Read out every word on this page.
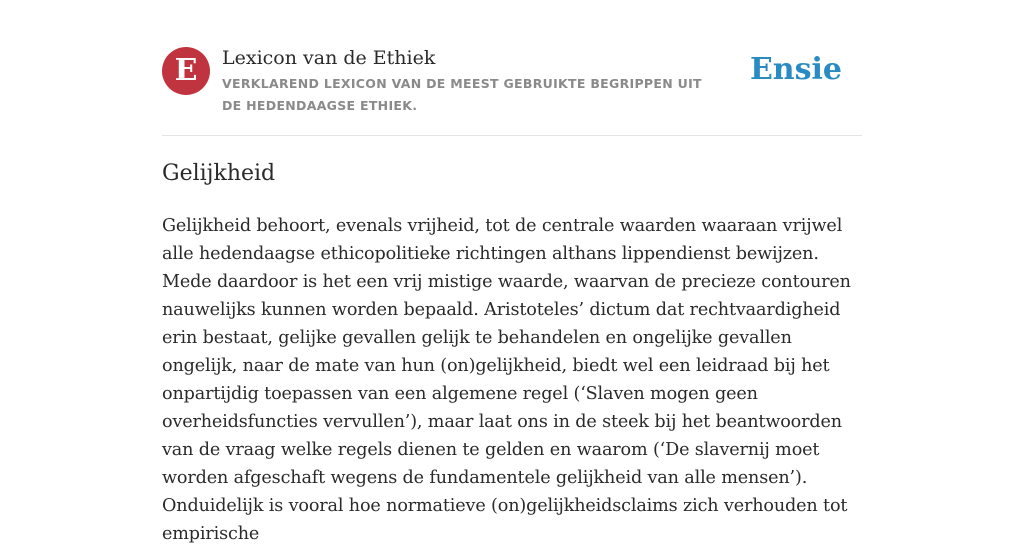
E	Lexicon van de Ethiek
VERKLAREND LEXICON VAN DE MEEST GEBRUIKTE BEGRIPPEN UIT DE HEDENDAAGSE ETHIEK.
Ensie
Gelijkheid

Gelijkheid behoort, evenals vrijheid, tot de centrale waarden waaraan vrijwel alle hedendaagse ethicopolitieke richtingen althans lippendienst bewijzen. Mede daardoor is het een vrij mistige waarde, waarvan de precieze contouren nauwelijks kunnen worden bepaald. Aristoteles’ dictum dat rechtvaardigheid erin bestaat, gelijke gevallen gelijk te behandelen en ongelijke gevallen ongelijk, naar de mate van hun (on)gelijkheid, biedt wel een leidraad bij het onpartijdig toepassen van een algemene regel (‘Slaven mogen geen overheidsfuncties vervullen’), maar laat ons in de steek bij het beantwoorden van de vraag welke regels dienen te gelden en waarom (‘De slavernij moet worden afgeschaft wegens de fundamentele gelijkheid van alle mensen’). Onduidelijk is vooral hoe normatieve (on)gelijkheidsclaims zich verhouden tot empirische
